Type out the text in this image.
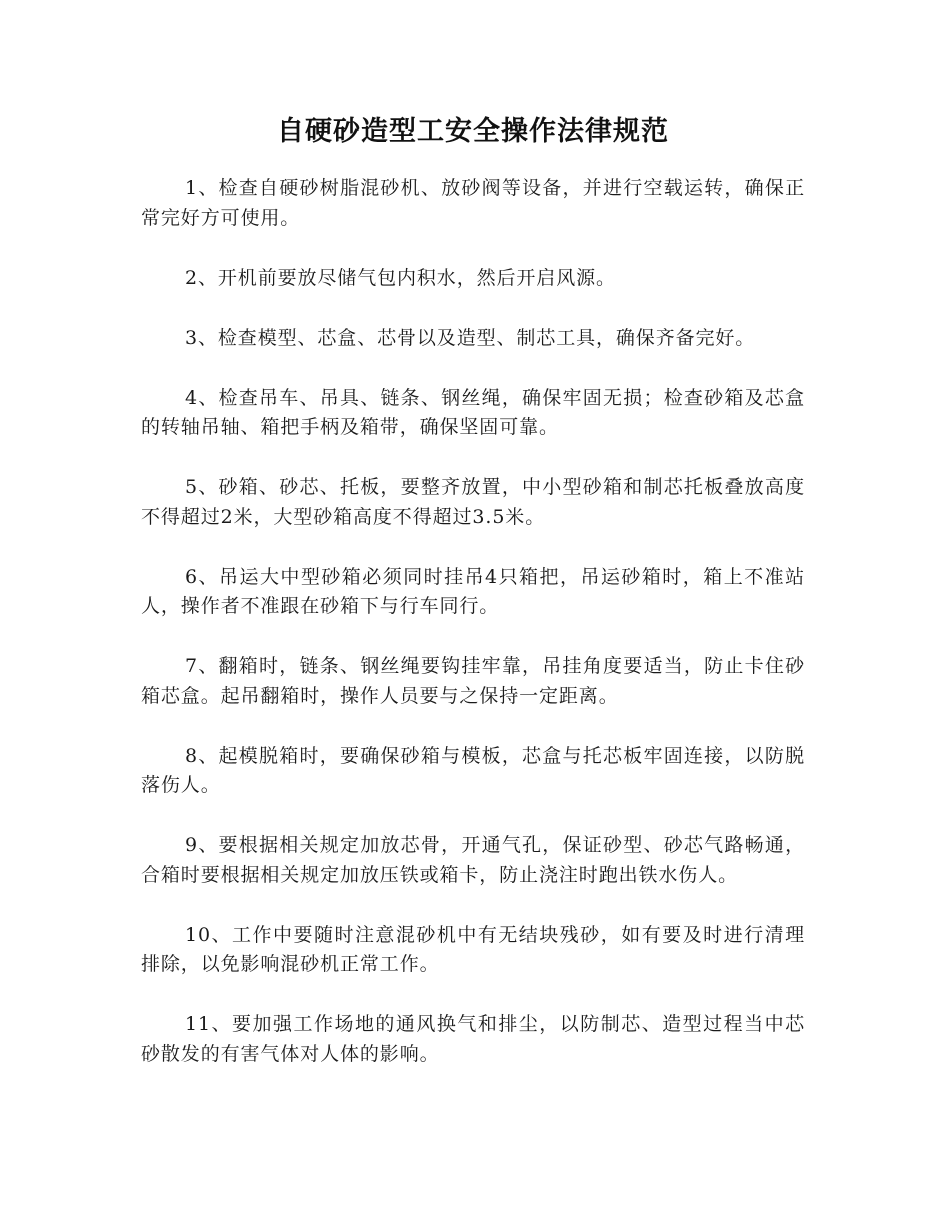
自硬砂造型工安全操作法律规范

1、检查自硬砂树脂混砂机、放砂阀等设备，并进行空载运转，确保正常完好方可使用。

2、开机前要放尽储气包内积水，然后开启风源。

3、检查模型、芯盒、芯骨以及造型、制芯工具，确保齐备完好。

4、检查吊车、吊具、链条、钢丝绳，确保牢固无损；检查砂箱及芯盒的转轴吊轴、箱把手柄及箱带，确保坚固可靠。

5、砂箱、砂芯、托板，要整齐放置，中小型砂箱和制芯托板叠放高度不得超过2米，大型砂箱高度不得超过3.5米。

6、吊运大中型砂箱必须同时挂吊4只箱把，吊运砂箱时，箱上不准站人，操作者不准跟在砂箱下与行车同行。

7、翻箱时，链条、钢丝绳要钩挂牢靠，吊挂角度要适当，防止卡住砂箱芯盒。起吊翻箱时，操作人员要与之保持一定距离。

8、起模脱箱时，要确保砂箱与模板，芯盒与托芯板牢固连接，以防脱落伤人。

9、要根据相关规定加放芯骨，开通气孔，保证砂型、砂芯气路畅通，合箱时要根据相关规定加放压铁或箱卡，防止浇注时跑出铁水伤人。

10、工作中要随时注意混砂机中有无结块残砂，如有要及时进行清理排除，以免影响混砂机正常工作。

11、要加强工作场地的通风换气和排尘，以防制芯、造型过程当中芯砂散发的有害气体对人体的影响。
